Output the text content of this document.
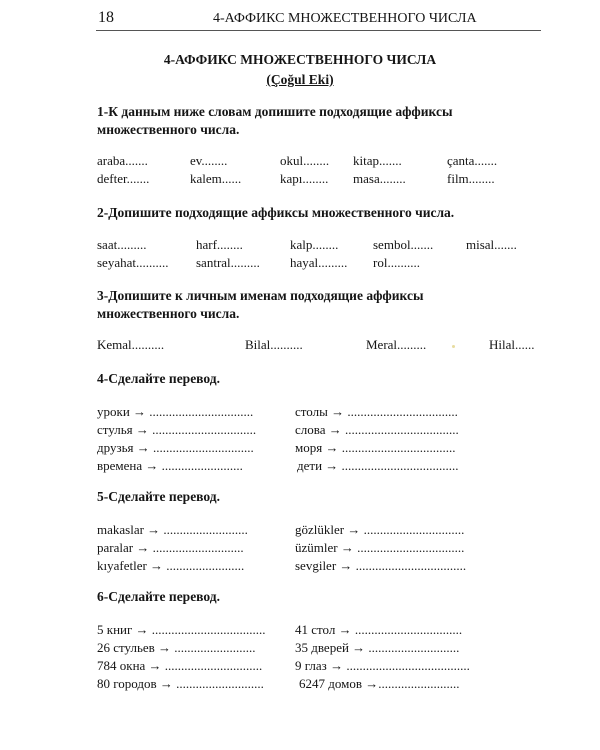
18	4-АФФИКС МНОЖЕСТВЕННОГО ЧИСЛА
4-АФФИКС МНОЖЕСТВЕННОГО ЧИСЛА
(Çoğul Eki)
1-К данным ниже словам допишите подходящие аффиксы
множественного числа.
araba.......	ev........	okul........ kitap.......	çanta.......
defter.......	kalem......	kapı........ masa........	film........
2-Допишите подходящие аффиксы множественного числа.
saat.........	harf........	kalp........	sembol.......	misal.......
seyahat.......... santral......... hayal......... rol..........
3-Допишите к личным именам подходящие аффиксы
множественного числа.
Kemal..........	Bilal..........	Meral.........	Hilal......
4-Сделайте перевод.
уроки → ................................	столы → ..................................
стулья → ................................	слова → ...................................
друзья → ...............................	моря → ...................................
времена → .........................	дети → ....................................
5-Сделайте перевод.
makaslar → ..........................	gözlükler → ...............................
paralar → ............................	üzümler → .................................
kıyafetler → ........................	sevgiler → ..................................
6-Сделайте перевод.
5 книг → ................................... 41 стол → .................................
26 стульев → .........................	35 дверей → ............................
784 окна → ..............................	9 глаз → ......................................
80 городов → ...........................	6247 домов →.........................
